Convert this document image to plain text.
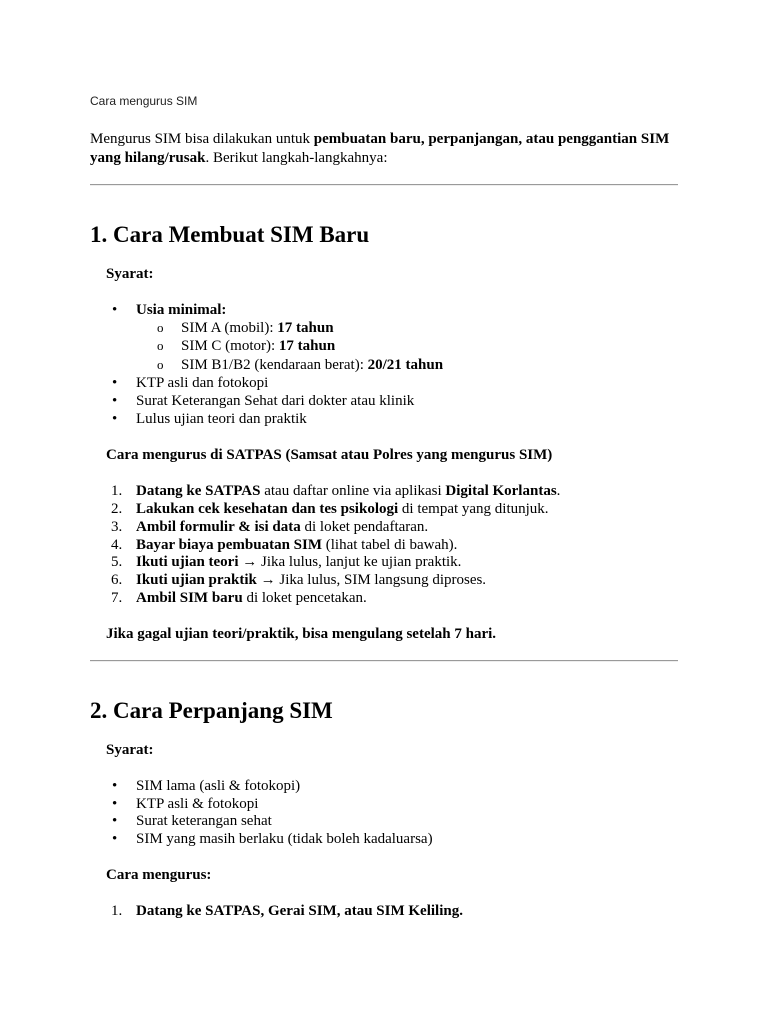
Cara mengurus SIM
Mengurus SIM bisa dilakukan untuk pembuatan baru, perpanjangan, atau penggantian SIM yang hilang/rusak. Berikut langkah-langkahnya:
1. Cara Membuat SIM Baru
Syarat:
• Usia minimal:
o SIM A (mobil): 17 tahun
o SIM C (motor): 17 tahun
o SIM B1/B2 (kendaraan berat): 20/21 tahun
• KTP asli dan fotokopi
• Surat Keterangan Sehat dari dokter atau klinik
• Lulus ujian teori dan praktik
Cara mengurus di SATPAS (Samsat atau Polres yang mengurus SIM)
1. Datang ke SATPAS atau daftar online via aplikasi Digital Korlantas.
2. Lakukan cek kesehatan dan tes psikologi di tempat yang ditunjuk.
3. Ambil formulir & isi data di loket pendaftaran.
4. Bayar biaya pembuatan SIM (lihat tabel di bawah).
5. Ikuti ujian teori → Jika lulus, lanjut ke ujian praktik.
6. Ikuti ujian praktik → Jika lulus, SIM langsung diproses.
7. Ambil SIM baru di loket pencetakan.
Jika gagal ujian teori/praktik, bisa mengulang setelah 7 hari.
2. Cara Perpanjang SIM
Syarat:
• SIM lama (asli & fotokopi)
• KTP asli & fotokopi
• Surat keterangan sehat
• SIM yang masih berlaku (tidak boleh kadaluarsa)
Cara mengurus:
1. Datang ke SATPAS, Gerai SIM, atau SIM Keliling.
